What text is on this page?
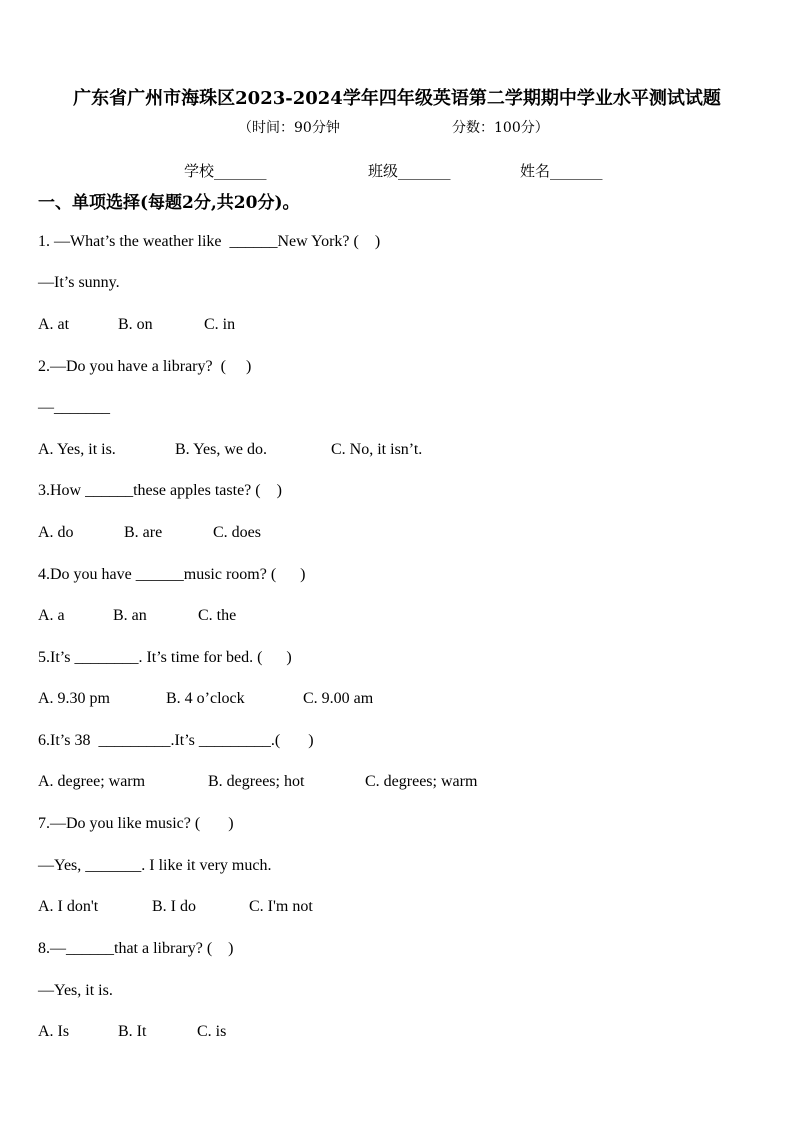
广东省广州市海珠区2023-2024学年四年级英语第二学期期中学业水平测试试题
（时间：90分钟	分数：100分）
学校_______	班级_______	姓名_______
一、单项选择(每题2分,共20分)。
1. —What’s the weather like  ______New York? (    )
—It’s sunny.
A. at	B. on	C. in
2.—Do you have a library?  (     )
—_______
A. Yes, it is.	B. Yes, we do.	C. No, it isn’t.
3.How ______these apples taste? (    )
A. do	B. are	C. does
4.Do you have ______music room? (      )
A. a	B. an	C. the
5.It’s ________. It’s time for bed. (      )
A. 9.30 pm	B. 4 o’clock	C. 9.00 am
6.It’s 38  _________.It’s _________.(       )
A. degree; warm	B. degrees; hot	C. degrees; warm
7.—Do you like music? (       )
—Yes, _______. I like it very much.
A. I don't	B. I do	C. I'm not
8.—______that a library? (    )
—Yes, it is.
A. Is	B. It	C. is
